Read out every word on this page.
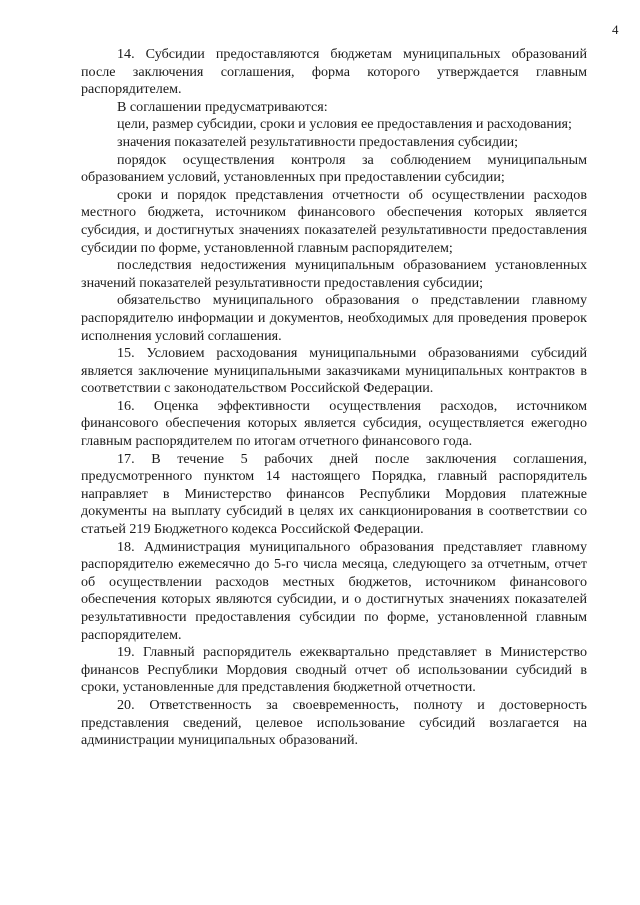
4

14. Субсидии предоставляются бюджетам муниципальных образований после заключения соглашения, форма которого утверждается главным распорядителем.

В соглашении предусматриваются:

цели, размер субсидии, сроки и условия ее предоставления и расходования;

значения показателей результативности предоставления субсидии;

порядок осуществления контроля за соблюдением муниципальным образованием условий, установленных при предоставлении субсидии;

сроки и порядок представления отчетности об осуществлении расходов местного бюджета, источником финансового обеспечения которых является субсидия, и достигнутых значениях показателей результативности предоставления субсидии по форме, установленной главным распорядителем;

последствия недостижения муниципальным образованием установленных значений показателей результативности предоставления субсидии;

обязательство муниципального образования о представлении главному распорядителю информации и документов, необходимых для проведения проверок исполнения условий соглашения.

15. Условием расходования муниципальными образованиями субсидий является заключение муниципальными заказчиками муниципальных контрактов в соответствии с законодательством Российской Федерации.

16. Оценка эффективности осуществления расходов, источником финансового обеспечения которых является субсидия, осуществляется ежегодно главным распорядителем по итогам отчетного финансового года.

17. В течение 5 рабочих дней после заключения соглашения, предусмотренного пунктом 14 настоящего Порядка, главный распорядитель направляет в Министерство финансов Республики Мордовия платежные документы на выплату субсидий в целях их санкционирования в соответствии со статьей 219 Бюджетного кодекса Российской Федерации.

18. Администрация муниципального образования представляет главному распорядителю ежемесячно до 5-го числа месяца, следующего за отчетным, отчет об осуществлении расходов местных бюджетов, источником финансового обеспечения которых являются субсидии, и о достигнутых значениях показателей результативности предоставления субсидии по форме, установленной главным распорядителем.

19. Главный распорядитель ежеквартально представляет в Министерство финансов Республики Мордовия сводный отчет об использовании субсидий в сроки, установленные для представления бюджетной отчетности.

20. Ответственность за своевременность, полноту и достоверность представления сведений, целевое использование субсидий возлагается на администрации муниципальных образований.
